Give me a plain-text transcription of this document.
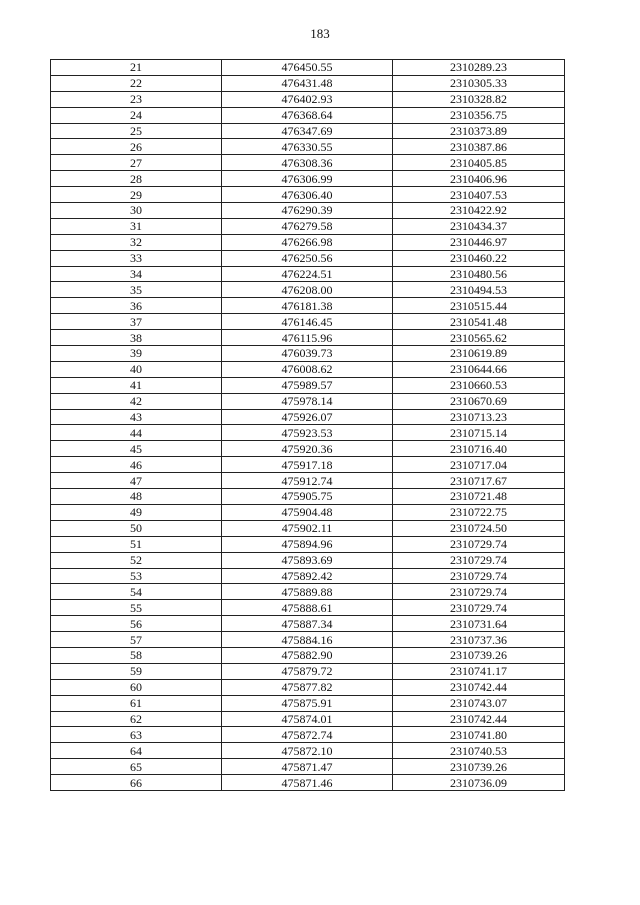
183
21	476450.55	2310289.23
22	476431.48	2310305.33
23	476402.93	2310328.82
24	476368.64	2310356.75
25	476347.69	2310373.89
26	476330.55	2310387.86
27	476308.36	2310405.85
28	476306.99	2310406.96
29	476306.40	2310407.53
30	476290.39	2310422.92
31	476279.58	2310434.37
32	476266.98	2310446.97
33	476250.56	2310460.22
34	476224.51	2310480.56
35	476208.00	2310494.53
36	476181.38	2310515.44
37	476146.45	2310541.48
38	476115.96	2310565.62
39	476039.73	2310619.89
40	476008.62	2310644.66
41	475989.57	2310660.53
42	475978.14	2310670.69
43	475926.07	2310713.23
44	475923.53	2310715.14
45	475920.36	2310716.40
46	475917.18	2310717.04
47	475912.74	2310717.67
48	475905.75	2310721.48
49	475904.48	2310722.75
50	475902.11	2310724.50
51	475894.96	2310729.74
52	475893.69	2310729.74
53	475892.42	2310729.74
54	475889.88	2310729.74
55	475888.61	2310729.74
56	475887.34	2310731.64
57	475884.16	2310737.36
58	475882.90	2310739.26
59	475879.72	2310741.17
60	475877.82	2310742.44
61	475875.91	2310743.07
62	475874.01	2310742.44
63	475872.74	2310741.80
64	475872.10	2310740.53
65	475871.47	2310739.26
66	475871.46	2310736.09
